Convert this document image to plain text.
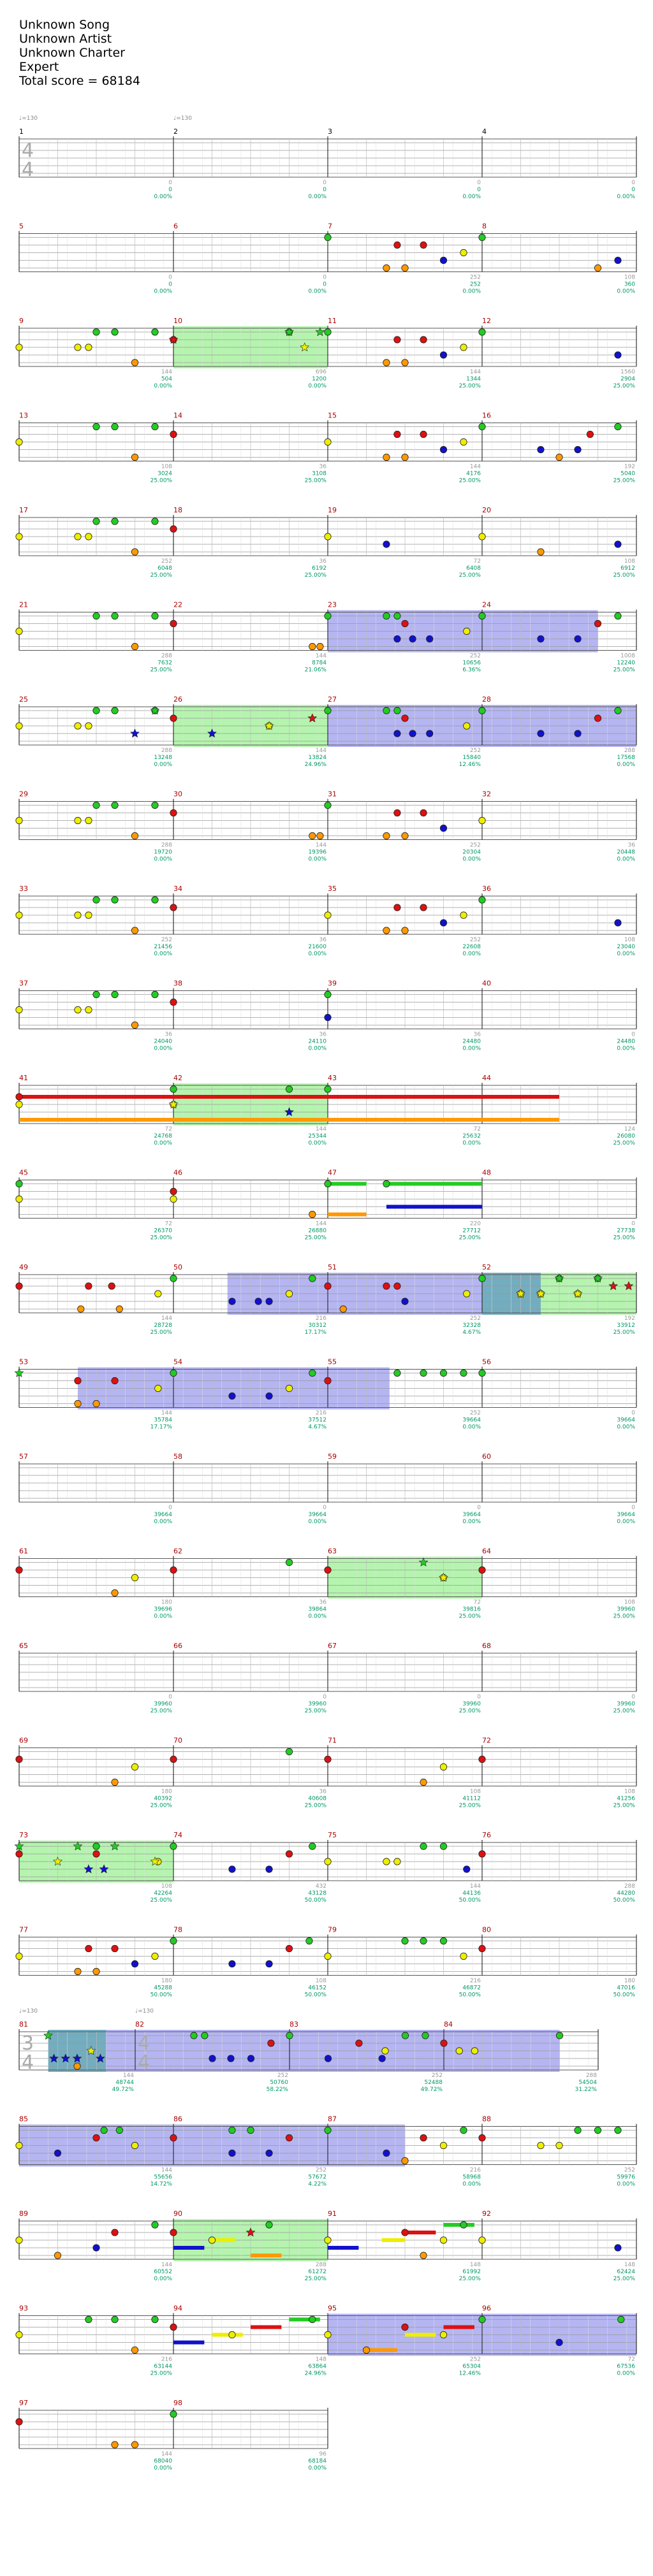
Unknown Song
Unknown Artist
Unknown Charter
Expert
Total score = 68184
1
0
0
0.00%
2
0
0
0.00%
3
0
0
0.00%
4
0
0
0.00%
5
0
0
0.00%
6
0
0
0.00%
7
252
252
0.00%
8
108
360
0.00%
9
144
504
0.00%
10
696
1200
0.00%
11
144
1344
25.00%
12
1560
2904
25.00%
13
108
3024
25.00%
14
36
3108
25.00%
15
144
4176
25.00%
16
192
5040
25.00%
17
252
6048
25.00%
18
36
6192
25.00%
19
72
6408
25.00%
20
108
6912
25.00%
21
288
7632
25.00%
22
144
8784
21.06%
23
252
10656
6.36%
24
1008
12240
25.00%
25
288
13248
0.00%
26
144
13824
24.96%
27
252
15840
12.46%
28
288
17568
0.00%
29
288
19720
0.00%
30
144
19396
0.00%
31
252
20304
0.00%
32
36
20448
0.00%
33
252
21456
0.00%
34
36
21600
0.00%
35
252
22608
0.00%
36
108
23040
0.00%
37
36
24040
0.00%
38
36
24110
0.00%
39
36
24480
0.00%
40
0
24480
0.00%
41
72
24768
0.00%
42
144
25344
0.00%
43
72
25632
0.00%
44
124
26080
25.00%
45
72
26370
25.00%
46
144
26880
25.00%
47
220
27712
25.00%
48
0
27738
25.00%
49
144
28728
25.00%
50
216
30312
17.17%
51
252
32328
4.67%
52
192
33912
25.00%
53
144
35784
17.17%
54
216
37512
4.67%
55
252
39664
0.00%
56
0
39664
0.00%
57
0
39664
0.00%
58
0
39664
0.00%
59
0
39664
0.00%
60
0
39664
0.00%
61
180
39696
0.00%
62
36
39864
0.00%
63
72
39816
25.00%
64
108
39960
25.00%
65
0
39960
25.00%
66
0
39960
25.00%
67
0
39960
25.00%
68
0
39960
25.00%
69
180
40392
25.00%
70
36
40608
25.00%
71
108
41112
25.00%
72
108
41256
25.00%
73
108
42264
25.00%
74
432
43128
50.00%
75
144
44136
50.00%
76
288
44280
50.00%
77
180
45288
50.00%
78
108
46152
50.00%
79
216
46872
50.00%
80
180
47016
50.00%
81
144
48744
49.72%
82
252
50760
58.22%
83
252
52488
49.72%
84
288
54504
31.22%
85
144
55656
14.72%
86
252
57672
4.22%
87
216
58968
0.00%
88
252
59976
0.00%
89
144
60552
0.00%
90
288
61272
25.00%
91
148
61992
25.00%
92
148
62424
25.00%
93
216
63144
25.00%
94
148
63864
24.96%
95
252
65304
12.46%
96
72
67536
0.00%
97
144
68040
0.00%
98
96
68184
0.00%
♩=130	♩=130
♩=130	♩=130
4
4
3
4
4
4
